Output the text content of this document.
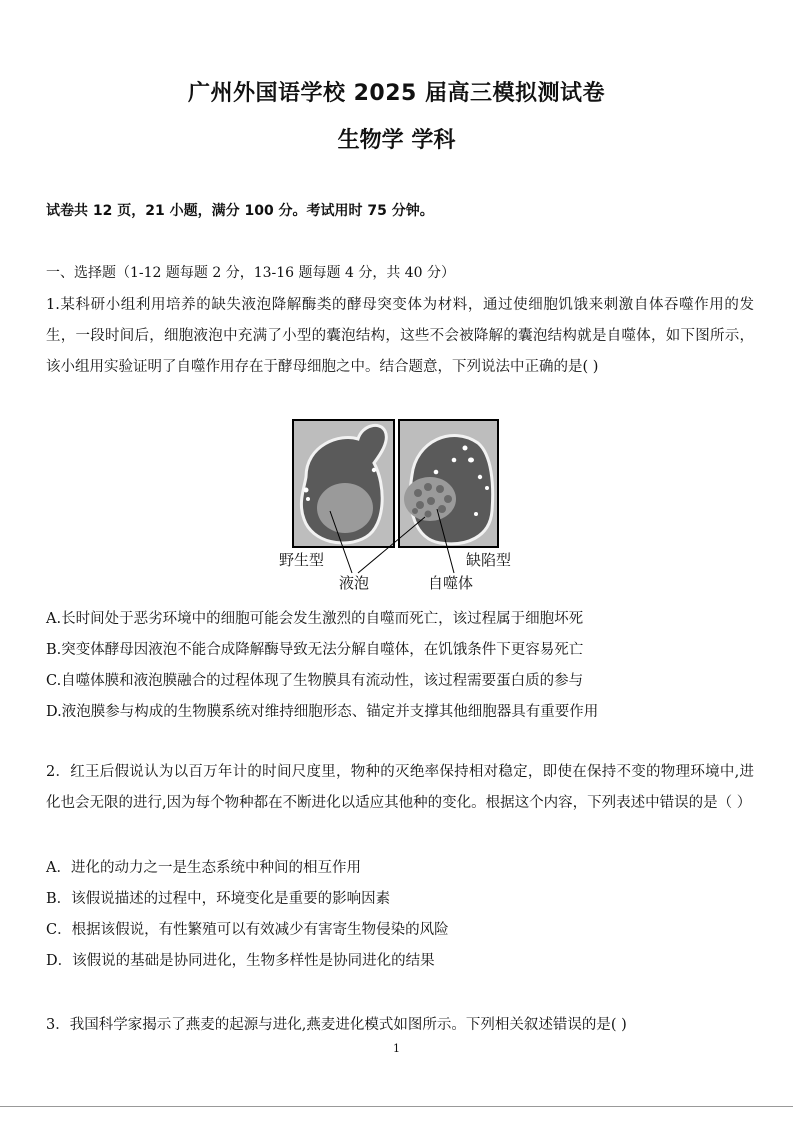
广州外国语学校 2025 届高三模拟测试卷
生物学 学科
试卷共 12 页，21 小题，满分 100 分。考试用时 75 分钟。
一、选择题（1-12 题每题 2 分，13-16 题每题 4 分，共 40 分）
1.某科研小组利用培养的缺失液泡降解酶类的酵母突变体为材料，通过使细胞饥饿来刺激自体吞噬作用的发生，一段时间后，细胞液泡中充满了小型的囊泡结构，这些不会被降解的囊泡结构就是自噬体，如下图所示，该小组用实验证明了自噬作用存在于酵母细胞之中。结合题意，下列说法中正确的是( )
野生型	缺陷型
液泡	自噬体
A.长时间处于恶劣环境中的细胞可能会发生激烈的自噬而死亡，该过程属于细胞坏死
B.突变体酵母因液泡不能合成降解酶导致无法分解自噬体，在饥饿条件下更容易死亡
C.自噬体膜和液泡膜融合的过程体现了生物膜具有流动性，该过程需要蛋白质的参与
D.液泡膜参与构成的生物膜系统对维持细胞形态、锚定并支撑其他细胞器具有重要作用
2．红王后假说认为以百万年计的时间尺度里，物种的灭绝率保持相对稳定，即使在保持不变的物理环境中,进化也会无限的进行,因为每个物种都在不断进化以适应其他种的变化。根据这个内容，下列表述中错误的是（ ）
A．进化的动力之一是生态系统中种间的相互作用
B．该假说描述的过程中，环境变化是重要的影响因素
C．根据该假说，有性繁殖可以有效减少有害寄生物侵染的风险
D．该假说的基础是协同进化，生物多样性是协同进化的结果
3．我国科学家揭示了燕麦的起源与进化,燕麦进化模式如图所示。下列相关叙述错误的是( )
1
